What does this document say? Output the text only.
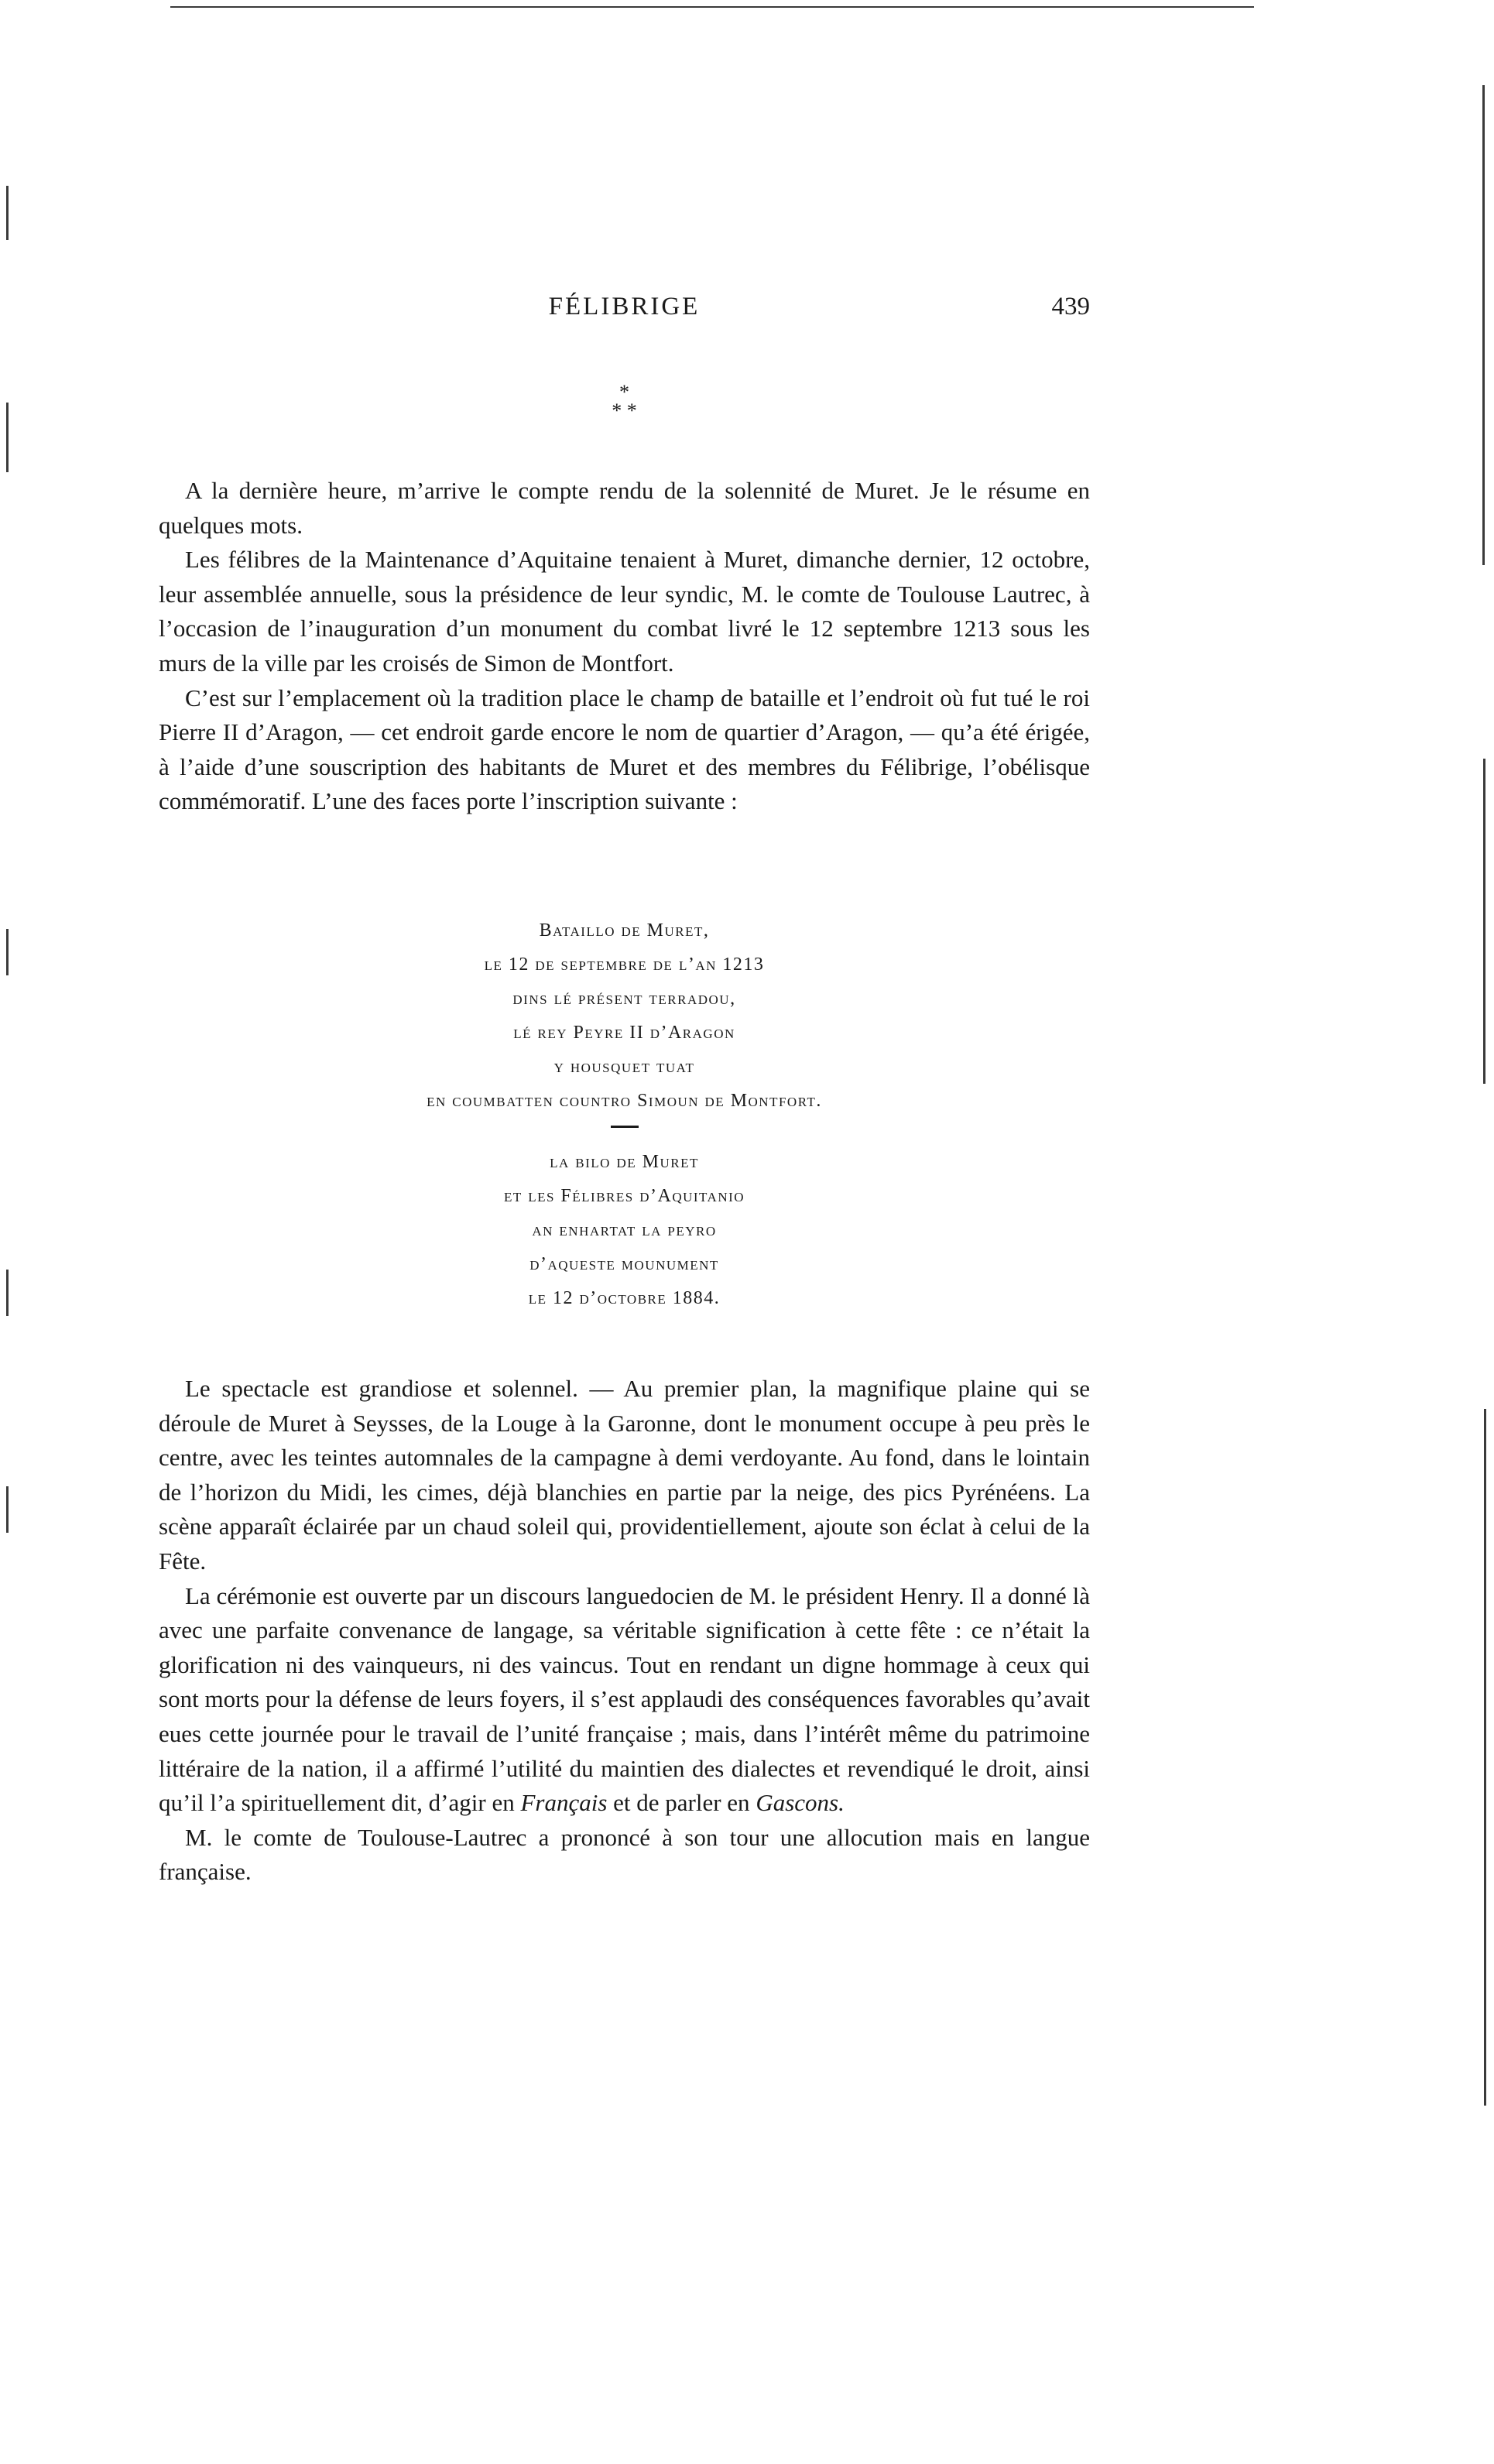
FÉLIBRIGE	439
*
* *

A la dernière heure, m’arrive le compte rendu de la solennité de Muret. Je le résume en quelques mots.

Les félibres de la Maintenance d’Aquitaine tenaient à Muret, dimanche dernier, 12 octobre, leur assemblée annuelle, sous la présidence de leur syndic, M. le comte de Toulouse Lautrec, à l’occasion de l’inauguration d’un monument du combat livré le 12 septembre 1213 sous les murs de la ville par les croisés de Simon de Montfort.

C’est sur l’emplacement où la tradition place le champ de bataille et l’endroit où fut tué le roi Pierre II d’Aragon, — cet endroit garde encore le nom de quartier d’Aragon, — qu’a été érigée, à l’aide d’une souscription des habitants de Muret et des membres du Félibrige, l’obélisque commémoratif. L’une des faces porte l’inscription suivante :

Bataillo de Muret,
le 12 de septembre de l’an 1213
dins lé présent terradou,
lé rey Peyre II d’Aragon
y housquet tuat
en coumbatten countro Simoun de Montfort.
la bilo de Muret
et les Félibres d’Aquitanio
an enhartat la peyro
d’aqueste mounument
le 12 d’octobre 1884.

Le spectacle est grandiose et solennel. — Au premier plan, la magnifique plaine qui se déroule de Muret à Seysses, de la Louge à la Garonne, dont le monument occupe à peu près le centre, avec les teintes automnales de la campagne à demi verdoyante. Au fond, dans le lointain de l’horizon du Midi, les cimes, déjà blanchies en partie par la neige, des pics Pyrénéens. La scène apparaît éclairée par un chaud soleil qui, providentiellement, ajoute son éclat à celui de la Fête.

La cérémonie est ouverte par un discours languedocien de M. le président Henry. Il a donné là avec une parfaite convenance de langage, sa véritable signification à cette fête : ce n’était la glorification ni des vainqueurs, ni des vaincus. Tout en rendant un digne hommage à ceux qui sont morts pour la défense de leurs foyers, il s’est applaudi des conséquences favorables qu’avait eues cette journée pour le travail de l’unité française ; mais, dans l’intérêt même du patrimoine littéraire de la nation, il a affirmé l’utilité du maintien des dialectes et revendiqué le droit, ainsi qu’il l’a spirituellement dit, d’agir en Français et de parler en Gascons.

M. le comte de Toulouse-Lautrec a prononcé à son tour une allocution mais en langue française.
